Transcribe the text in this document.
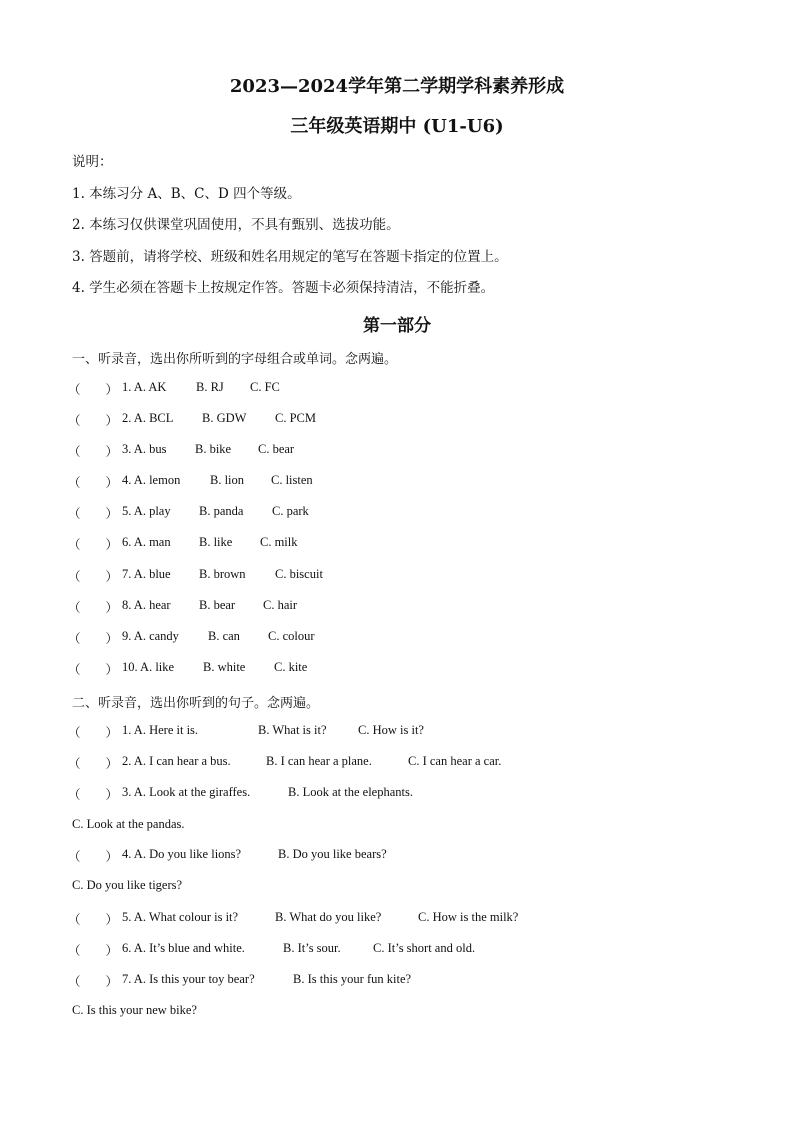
2023—2024学年第二学期学科素养形成
三年级英语期中 (U1-U6)
说明：
1. 本练习分 A、B、C、D 四个等级。
2. 本练习仅供课堂巩固使用，不具有甄别、选拔功能。
3. 答题前，请将学校、班级和姓名用规定的笔写在答题卡指定的位置上。
4. 学生必须在答题卡上按规定作答。答题卡必须保持清洁，不能折叠。
第一部分
一、听录音，选出你所听到的字母组合或单词。念两遍。
（　　） 1. A. AK B. RJ C. FC
（　　） 2. A. BCL B. GDW C. PCM
（　　） 3. A. bus B. bike C. bear
（　　） 4. A. lemon B. lion C. listen
（　　） 5. A. play B. panda C. park
（　　） 6. A. man B. like C. milk
（　　） 7. A. blue B. brown C. biscuit
（　　） 8. A. hear B. bear C. hair
（　　） 9. A. candy B. can C. colour
（　　） 10. A. like B. white C. kite
二、听录音，选出你听到的句子。念两遍。
（　　） 1. A. Here it is.	B. What is it?	C. How is it?
（　　） 2. A. I can hear a bus.	B. I can hear a plane.	C. I can hear a car.
（　　） 3. A. Look at the giraffes.	B. Look at the elephants.
C. Look at the pandas.
（　　） 4. A. Do you like lions?	B. Do you like bears?
C. Do you like tigers?
（　　） 5. A. What colour is it?	B. What do you like?	C. How is the milk?
（　　） 6. A. It’s blue and white.	B. It’s sour.	C. It’s short and old.
（　　） 7. A. Is this your toy bear?	B. Is this your fun kite?
C. Is this your new bike?
